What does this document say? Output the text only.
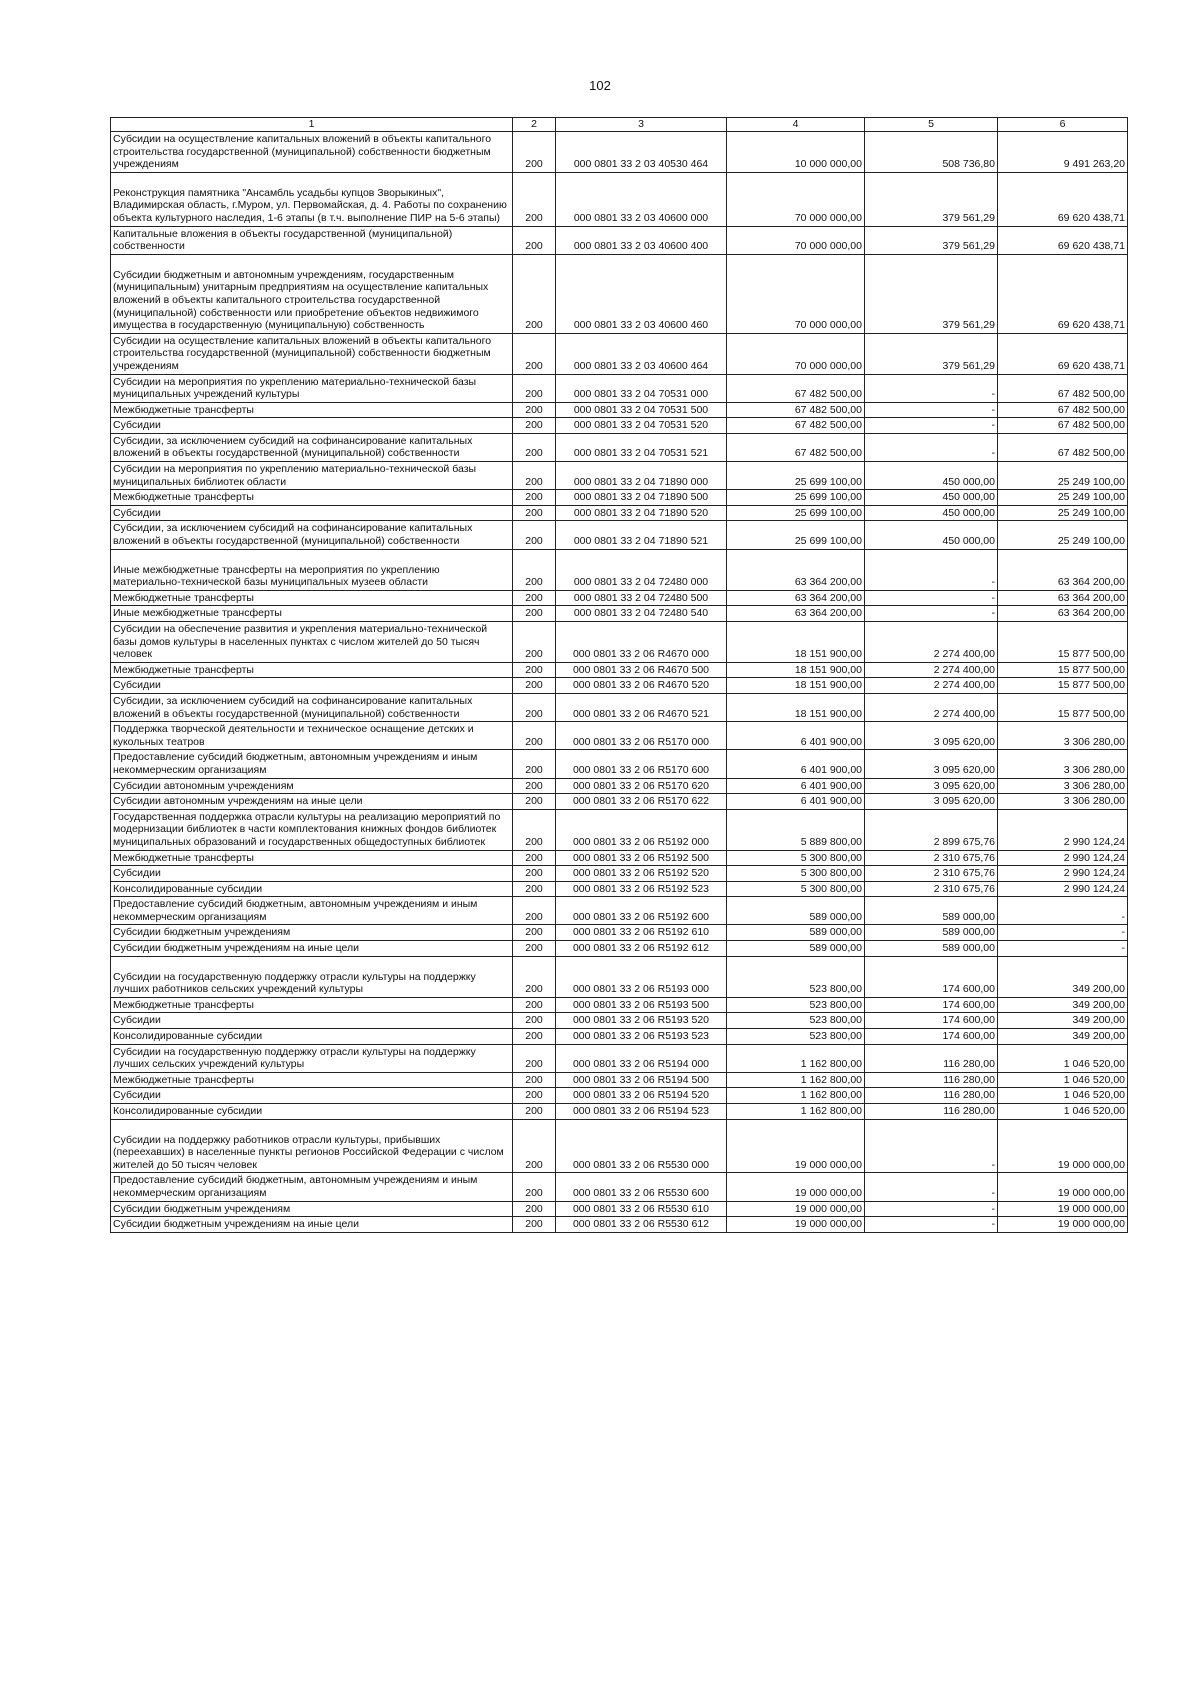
102
1	2	3	4	5	6
Субсидии на осуществление капитальных вложений в объекты капитального строительства государственной (муниципальной) собственности бюджетным учреждениям	200	000 0801 33 2 03 40530 464	10 000 000,00	508 736,80	9 491 263,20
Реконструкция памятника "Ансамбль усадьбы купцов Зворыкиных", Владимирская область, г.Муром, ул. Первомайская, д. 4. Работы по сохранению объекта культурного наследия, 1-6 этапы (в т.ч. выполнение ПИР на 5-6 этапы)	200	000 0801 33 2 03 40600 000	70 000 000,00	379 561,29	69 620 438,71
Капитальные вложения в объекты государственной (муниципальной) собственности	200	000 0801 33 2 03 40600 400	70 000 000,00	379 561,29	69 620 438,71
Субсидии бюджетным и автономным учреждениям, государственным (муниципальным) унитарным предприятиям на осуществление капитальных вложений в объекты капитального строительства государственной (муниципальной) собственности или приобретение объектов недвижимого имущества в государственную (муниципальную) собственность	200	000 0801 33 2 03 40600 460	70 000 000,00	379 561,29	69 620 438,71
Субсидии на осуществление капитальных вложений в объекты капитального строительства государственной (муниципальной) собственности бюджетным учреждениям	200	000 0801 33 2 03 40600 464	70 000 000,00	379 561,29	69 620 438,71
Субсидии на мероприятия по укреплению материально-технической базы муниципальных учреждений культуры	200	000 0801 33 2 04 70531 000	67 482 500,00	-	67 482 500,00
Межбюджетные трансферты	200	000 0801 33 2 04 70531 500	67 482 500,00	-	67 482 500,00
Субсидии	200	000 0801 33 2 04 70531 520	67 482 500,00	-	67 482 500,00
Субсидии, за исключением субсидий на софинансирование капитальных вложений в объекты государственной (муниципальной) собственности	200	000 0801 33 2 04 70531 521	67 482 500,00	-	67 482 500,00
Субсидии на мероприятия по укреплению материально-технической базы муниципальных библиотек области	200	000 0801 33 2 04 71890 000	25 699 100,00	450 000,00	25 249 100,00
Межбюджетные трансферты	200	000 0801 33 2 04 71890 500	25 699 100,00	450 000,00	25 249 100,00
Субсидии	200	000 0801 33 2 04 71890 520	25 699 100,00	450 000,00	25 249 100,00
Субсидии, за исключением субсидий на софинансирование капитальных вложений в объекты государственной (муниципальной) собственности	200	000 0801 33 2 04 71890 521	25 699 100,00	450 000,00	25 249 100,00
Иные межбюджетные трансферты на мероприятия по укреплению материально-технической базы муниципальных музеев области	200	000 0801 33 2 04 72480 000	63 364 200,00	-	63 364 200,00
Межбюджетные трансферты	200	000 0801 33 2 04 72480 500	63 364 200,00	-	63 364 200,00
Иные межбюджетные трансферты	200	000 0801 33 2 04 72480 540	63 364 200,00	-	63 364 200,00
Субсидии на обеспечение развития и укрепления материально-технической базы домов культуры в населенных пунктах с числом жителей до 50 тысяч человек	200	000 0801 33 2 06 R4670 000	18 151 900,00	2 274 400,00	15 877 500,00
Межбюджетные трансферты	200	000 0801 33 2 06 R4670 500	18 151 900,00	2 274 400,00	15 877 500,00
Субсидии	200	000 0801 33 2 06 R4670 520	18 151 900,00	2 274 400,00	15 877 500,00
Субсидии, за исключением субсидий на софинансирование капитальных вложений в объекты государственной (муниципальной) собственности	200	000 0801 33 2 06 R4670 521	18 151 900,00	2 274 400,00	15 877 500,00
Поддержка творческой деятельности и техническое оснащение детских и кукольных театров	200	000 0801 33 2 06 R5170 000	6 401 900,00	3 095 620,00	3 306 280,00
Предоставление субсидий бюджетным, автономным учреждениям и иным некоммерческим организациям	200	000 0801 33 2 06 R5170 600	6 401 900,00	3 095 620,00	3 306 280,00
Субсидии автономным учреждениям	200	000 0801 33 2 06 R5170 620	6 401 900,00	3 095 620,00	3 306 280,00
Субсидии автономным учреждениям на иные цели	200	000 0801 33 2 06 R5170 622	6 401 900,00	3 095 620,00	3 306 280,00
Государственная поддержка отрасли культуры на реализацию мероприятий по модернизации библиотек в части комплектования книжных фондов библиотек муниципальных образований и государственных общедоступных библиотек	200	000 0801 33 2 06 R5192 000	5 889 800,00	2 899 675,76	2 990 124,24
Межбюджетные трансферты	200	000 0801 33 2 06 R5192 500	5 300 800,00	2 310 675,76	2 990 124,24
Субсидии	200	000 0801 33 2 06 R5192 520	5 300 800,00	2 310 675,76	2 990 124,24
Консолидированные субсидии	200	000 0801 33 2 06 R5192 523	5 300 800,00	2 310 675,76	2 990 124,24
Предоставление субсидий бюджетным, автономным учреждениям и иным некоммерческим организациям	200	000 0801 33 2 06 R5192 600	589 000,00	589 000,00	-
Субсидии бюджетным учреждениям	200	000 0801 33 2 06 R5192 610	589 000,00	589 000,00	-
Субсидии бюджетным учреждениям на иные цели	200	000 0801 33 2 06 R5192 612	589 000,00	589 000,00	-
Субсидии на государственную поддержку отрасли культуры на поддержку лучших работников сельских учреждений культуры	200	000 0801 33 2 06 R5193 000	523 800,00	174 600,00	349 200,00
Межбюджетные трансферты	200	000 0801 33 2 06 R5193 500	523 800,00	174 600,00	349 200,00
Субсидии	200	000 0801 33 2 06 R5193 520	523 800,00	174 600,00	349 200,00
Консолидированные субсидии	200	000 0801 33 2 06 R5193 523	523 800,00	174 600,00	349 200,00
Субсидии на государственную поддержку отрасли культуры на поддержку лучших сельских учреждений культуры	200	000 0801 33 2 06 R5194 000	1 162 800,00	116 280,00	1 046 520,00
Межбюджетные трансферты	200	000 0801 33 2 06 R5194 500	1 162 800,00	116 280,00	1 046 520,00
Субсидии	200	000 0801 33 2 06 R5194 520	1 162 800,00	116 280,00	1 046 520,00
Консолидированные субсидии	200	000 0801 33 2 06 R5194 523	1 162 800,00	116 280,00	1 046 520,00
Субсидии на поддержку работников отрасли культуры, прибывших (переехавших) в населенные пункты регионов Российской Федерации с числом жителей до 50 тысяч человек	200	000 0801 33 2 06 R5530 000	19 000 000,00	-	19 000 000,00
Предоставление субсидий бюджетным, автономным учреждениям и иным некоммерческим организациям	200	000 0801 33 2 06 R5530 600	19 000 000,00	-	19 000 000,00
Субсидии бюджетным учреждениям	200	000 0801 33 2 06 R5530 610	19 000 000,00	-	19 000 000,00
Субсидии бюджетным учреждениям на иные цели	200	000 0801 33 2 06 R5530 612	19 000 000,00	-	19 000 000,00
